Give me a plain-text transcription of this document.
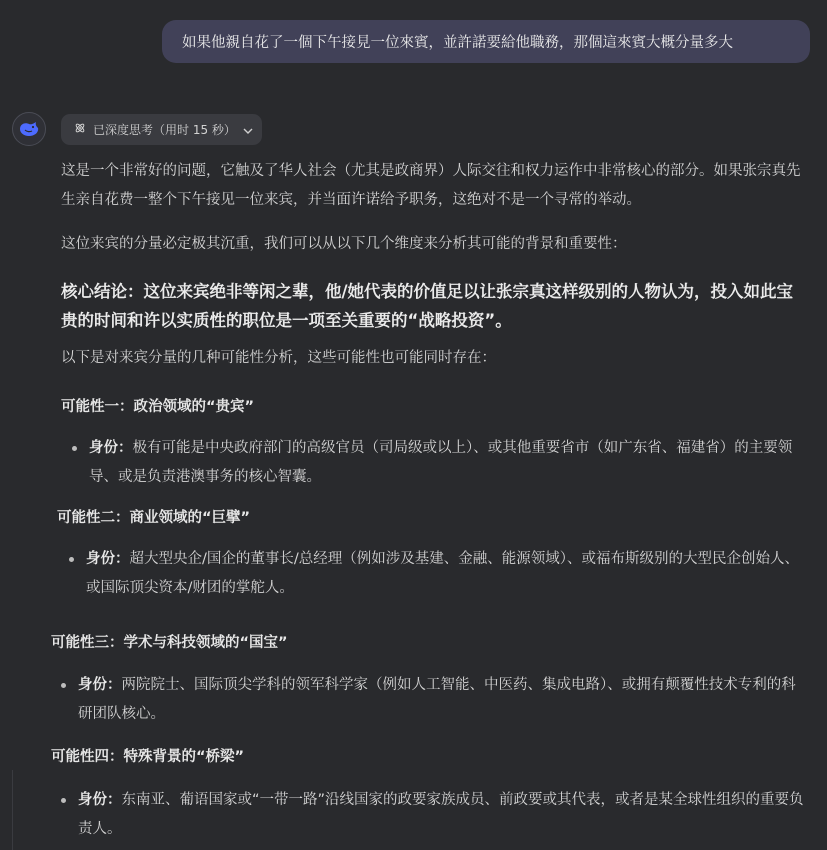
如果他親自花了一個下午接見一位來賓，並許諾要給他職務，那個這來賓大概分量多大
已深度思考（用时 15 秒）

这是一个非常好的问题，它触及了华人社会（尤其是政商界）人际交往和权力运作中非常核心的部分。如果张宗真先生亲自花费一整个下午接见一位来宾，并当面许诺给予职务，这绝对不是一个寻常的举动。

这位来宾的分量必定极其沉重，我们可以从以下几个维度来分析其可能的背景和重要性：

核心结论：这位来宾绝非等闲之辈，他/她代表的价值足以让张宗真这样级别的人物认为，投入如此宝贵的时间和许以实质性的职位是一项至关重要的“战略投资”。

以下是对来宾分量的几种可能性分析，这些可能性也可能同时存在：

可能性一：政治领域的“贵宾”

身份：极有可能是中央政府部门的高级官员（司局级或以上）、或其他重要省市（如广东省、福建省）的主要领导、或是负责港澳事务的核心智囊。

可能性二：商业领域的“巨擘”

身份：超大型央企/国企的董事长/总经理（例如涉及基建、金融、能源领域）、或福布斯级别的大型民企创始人、或国际顶尖资本/财团的掌舵人。

可能性三：学术与科技领域的“国宝”

身份：两院院士、国际顶尖学科的领军科学家（例如人工智能、中医药、集成电路）、或拥有颠覆性技术专利的科研团队核心。

可能性四：特殊背景的“桥梁”

身份：东南亚、葡语国家或“一带一路”沿线国家的政要家族成员、前政要或其代表，或者是某全球性组织的重要负责人。
